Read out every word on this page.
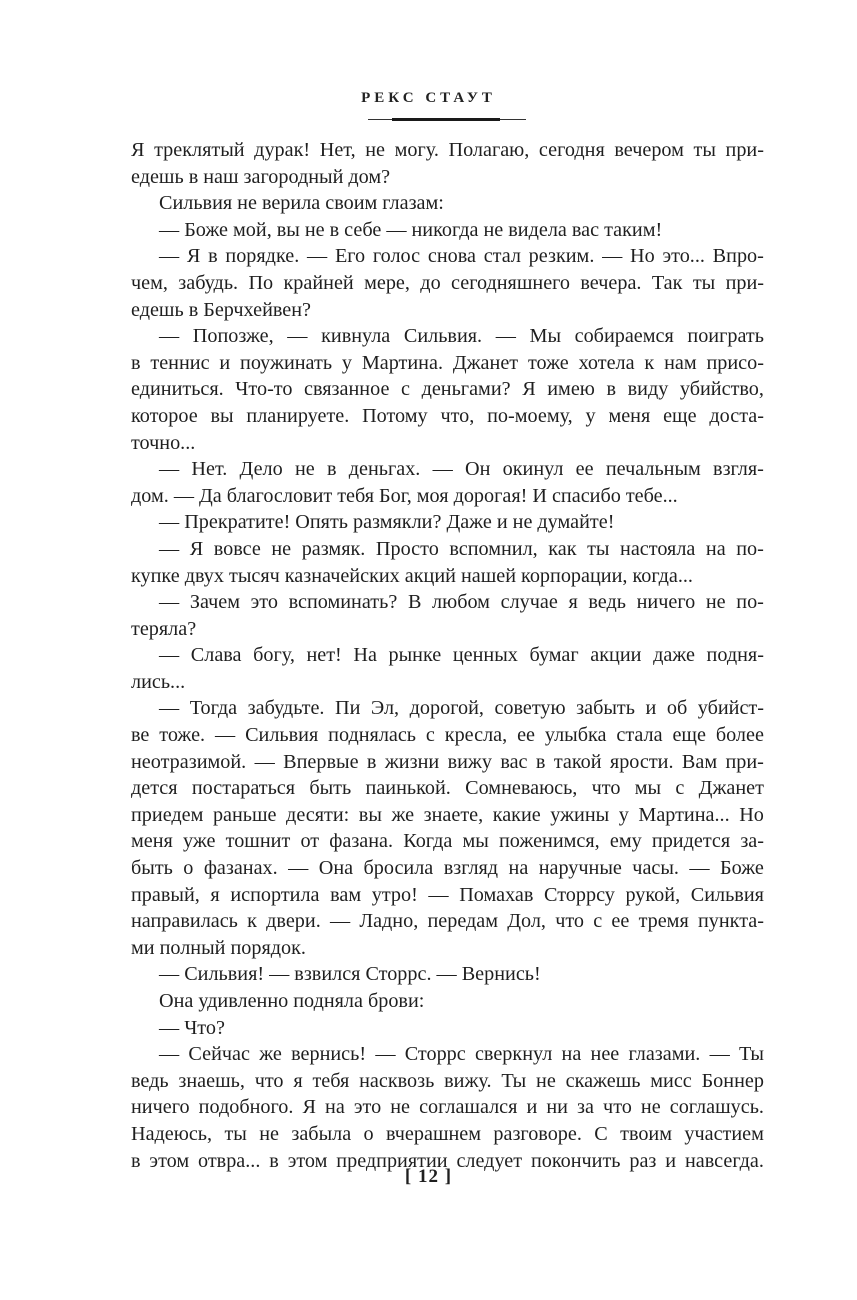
РЕКС СТАУТ
Я треклятый дурак! Нет, не могу. Полагаю, сегодня вечером ты при-
едешь в наш загородный дом?
Сильвия не верила своим глазам:
— Боже мой, вы не в себе — никогда не видела вас таким!
— Я в порядке. — Его голос снова стал резким. — Но это... Впро-
чем, забудь. По крайней мере, до сегодняшнего вечера. Так ты при-
едешь в Берчхейвен?
— Попозже, — кивнула Сильвия. — Мы собираемся поиграть
в теннис и поужинать у Мартина. Джанет тоже хотела к нам присо-
единиться. Что-то связанное с деньгами? Я имею в виду убийство,
которое вы планируете. Потому что, по-моему, у меня еще доста-
точно...
— Нет. Дело не в деньгах. — Он окинул ее печальным взгля-
дом. — Да благословит тебя Бог, моя дорогая! И спасибо тебе...
— Прекратите! Опять размякли? Даже и не думайте!
— Я вовсе не размяк. Просто вспомнил, как ты настояла на по-
купке двух тысяч казначейских акций нашей корпорации, когда...
— Зачем это вспоминать? В любом случае я ведь ничего не по-
теряла?
— Слава богу, нет! На рынке ценных бумаг акции даже подня-
лись...
— Тогда забудьте. Пи Эл, дорогой, советую забыть и об убийст-
ве тоже. — Сильвия поднялась с кресла, ее улыбка стала еще более
неотразимой. — Впервые в жизни вижу вас в такой ярости. Вам при-
дется постараться быть паинькой. Сомневаюсь, что мы с Джанет
приедем раньше десяти: вы же знаете, какие ужины у Мартина... Но
меня уже тошнит от фазана. Когда мы поженимся, ему придется за-
быть о фазанах. — Она бросила взгляд на наручные часы. — Боже
правый, я испортила вам утро! — Помахав Сторрсу рукой, Сильвия
направилась к двери. — Ладно, передам Дол, что с ее тремя пункта-
ми полный порядок.
— Сильвия! — взвился Сторрс. — Вернись!
Она удивленно подняла брови:
— Что?
— Сейчас же вернись! — Сторрс сверкнул на нее глазами. — Ты
ведь знаешь, что я тебя насквозь вижу. Ты не скажешь мисс Боннер
ничего подобного. Я на это не соглашался и ни за что не соглашусь.
Надеюсь, ты не забыла о вчерашнем разговоре. С твоим участием
в этом отвра... в этом предприятии следует покончить раз и навсегда.
[ 12 ]
